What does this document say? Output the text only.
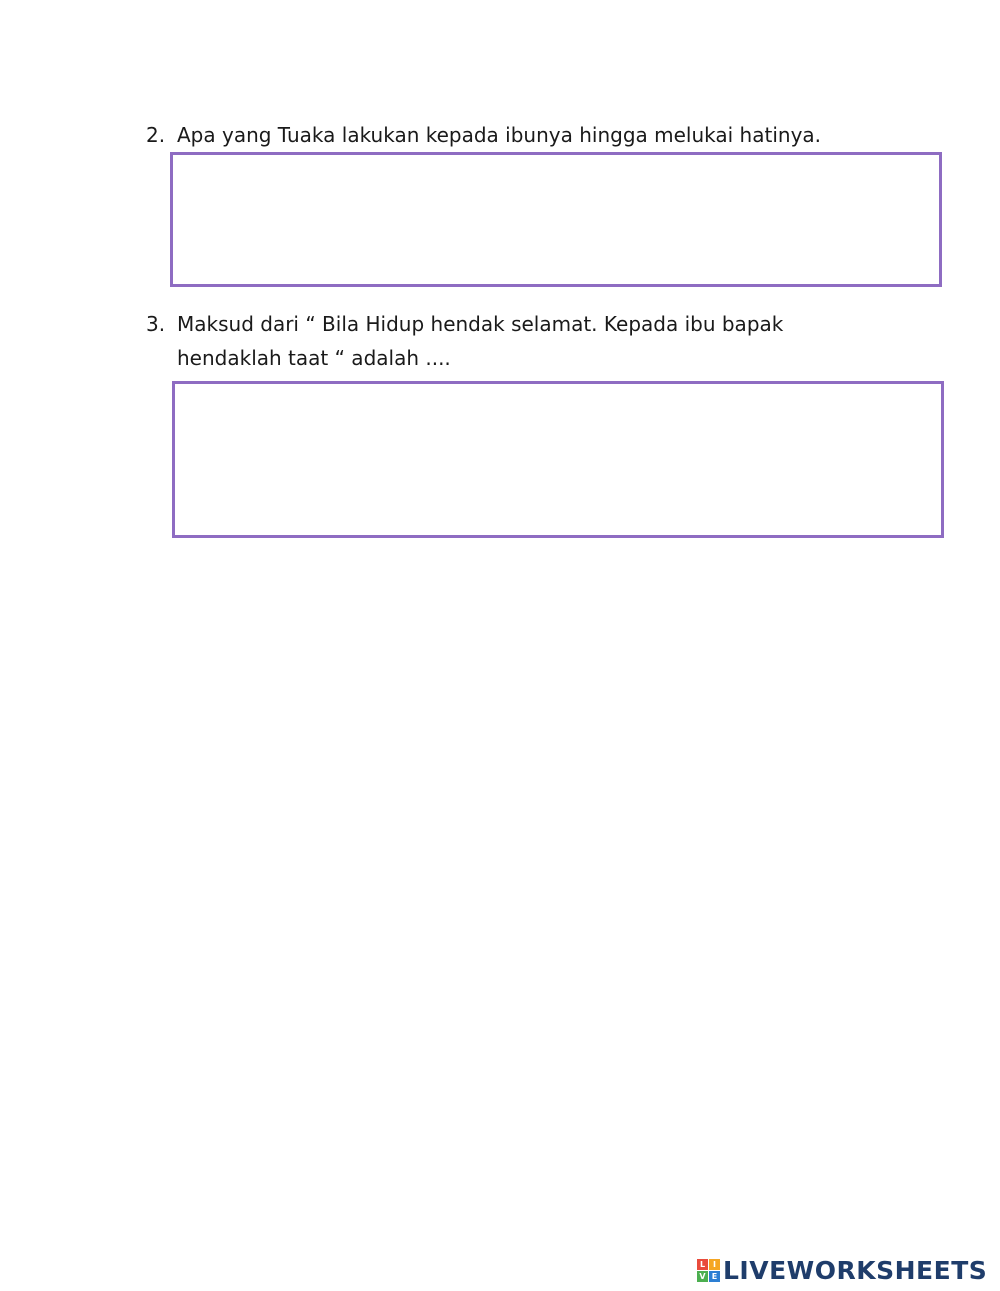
2. Apa yang Tuaka lakukan kepada ibunya hingga melukai hatinya.
3. Maksud dari “ Bila Hidup hendak selamat. Kepada ibu bapak
hendaklah taat “ adalah ....
L I
V E LIVEWORKSHEETS
